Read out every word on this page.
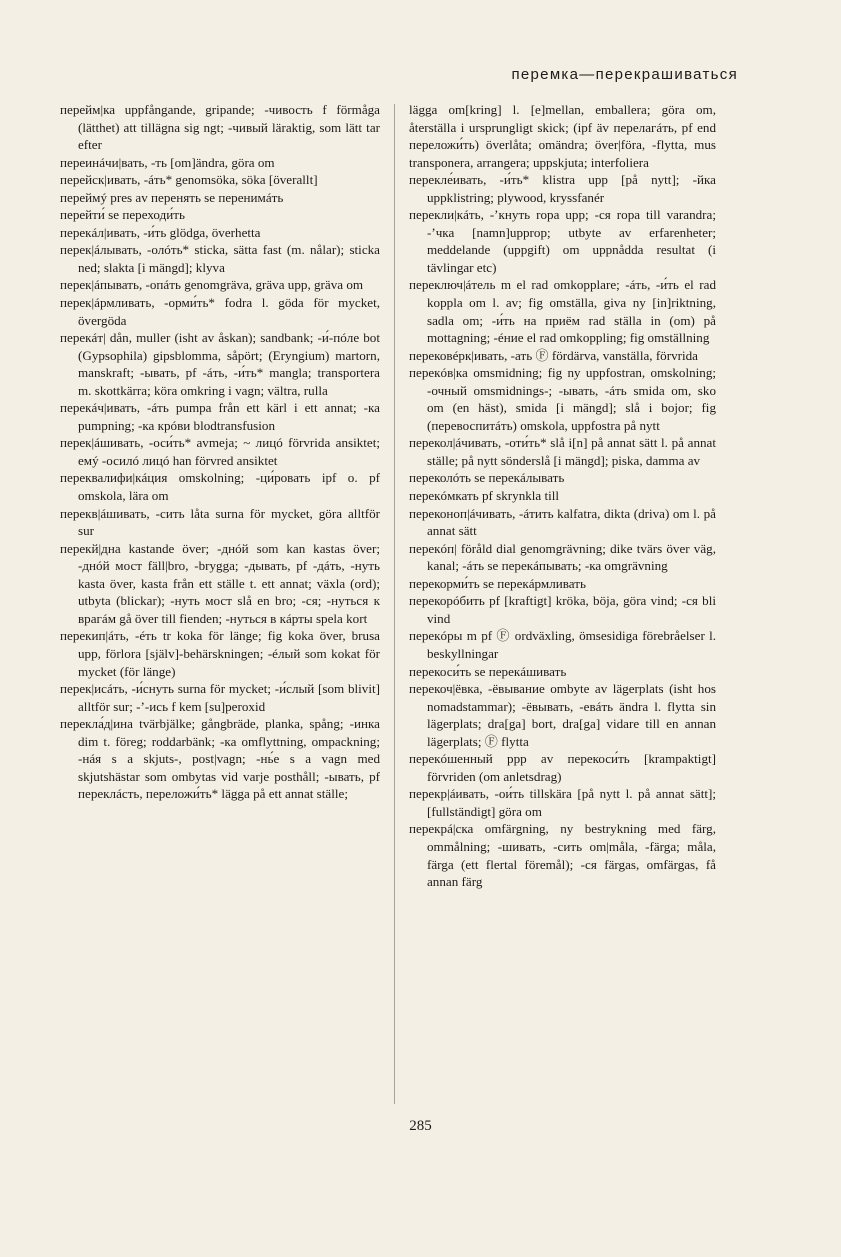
перемка—перекрашиваться

перейм|ка uppfångande, gripande; -чивость f förmåga (lätthet) att tillägna sig ngt; -чивый läraktig, som lätt tar efter

переинáчи|вать, -ть [om]ändra, göra om

перейск|ивать, -áть* genomsöka, söka [överallt]

переймý pres av перенять se перенимáть

перейти́ se переходи́ть

перекáл|ивать, -и́ть glödga, överhetta

перек|áлывать, -олóть* sticka, sätta fast (m. nålar); sticka ned; slakta [i mängd]; klyva

перек|áпывать, -опáть genomgräva, gräva upp, gräva om

перек|áрмливать, -орми́ть* fodra l. göda för mycket, övergöda

перекáт| dån, muller (isht av åskan); sandbank; -и́-пóле bot (Gypsophila) gipsblomma, såpört; (Eryngium) martorn, manskraft; -ывать, pf -áть, -и́ть* mangla; transportera m. skottkärra; köra omkring i vagn; vältra, rulla

перекáч|ивать, -áть pumpa från ett kärl i ett annat; -ка pumpning; -ка крóви blodtransfusion

перек|áшивать, -оси́ть* avmeja; ~ лицó förvrida ansiktet; емý -осилó лицó han förvred ansiktet

переквалифи|кáция omskolning; -ци́ровать ipf o. pf omskola, lära om

перекв|áшивать, -сить låta surna för mycket, göra alltför sur

перекй|дна kastande över; -днóй som kan kastas över; -днóй мост fäll|bro, -brygga; -дывать, pf -дáть, -нуть kasta över, kasta från ett ställe t. ett annat; växla (ord); utbyta (blickar); -нуть мост slå en bro; -ся; -нуться к врагáм gå över till fienden; -нуться в кáрты spela kort

перекип|áть, -éть tr koka för länge; fig koka över, brusa upp, förlora [själv]-behärskningen; -éлый som kokat för mycket (för länge)

перек|исáть, -и́снуть surna för mycket; -и́слый [som blivit] alltför sur; -ʼ-ись f kem [su]peroxid

перекла́д|ина tvärbjälke; gångbräde, planka, spång; -инка dim t. föreg; roddarbänk; -ка omflyttning, ompackning; -нáя s a skjuts-, post|vagn; -нь́е s a vagn med skjutshästar som ombytas vid varje posthåll; -ывать, pf переклáсть, переложи́ть* lägga på ett annat ställe;

lägga om[kring] l. [e]mellan, emballera; göra om, återställa i ursprungligt skick; (ipf äv перелагáть, pf end переложи́ть) överlåta; omändra; över|föra, -flytta, mus transponera, arrangera; uppskjuta; interfoliera

перекле́ивать, -и́ть* klistra upp [på nytt]; -йка uppklistring; plywood, kryssfanér

перекли|кáть, -ʼкнуть ropa upp; -ся ropa till varandra; -ʼчка [namn]upprop; utbyte av erfarenheter; meddelande (uppgift) om uppnådda resultat (i tävlingar etc)

переключ|áтель m el rad omkopplare; -áть, -и́ть el rad koppla om l. av; fig omställa, giva ny [in]riktning, sadla om; -и́ть на приём rad ställa in (om) på mottagning; -éние el rad omkoppling; fig omställning

перековéрк|ивать, -ать Ⓕ fördärva, vanställa, förvrida

перекóв|ка omsmidning; fig ny uppfostran, omskolning; -очный omsmidnings-; -ывать, -áть smida om, sko om (en häst), smida [i mängd]; slå i bojor; fig (перевоспитáть) omskola, uppfostra på nytt

перекол|áчивать, -оти́ть* slå i[n] på annat sätt l. på annat ställe; på nytt sönderslå [i mängd]; piska, damma av

переколóть se перекáлывать

перекóмкать pf skrynkla till

переконоп|áчивать, -áтить kalfatra, dikta (driva) om l. på annat sätt

перекóп| föråld dial genomgrävning; dike tvärs över väg, kanal; -áть se перекáпывать; -ка omgrävning

перекорми́ть se перекáрмливать

перекорóбить pf [kraftigt] kröka, böja, göra vind; -ся bli vind

перекóры m pf Ⓕ ordväxling, ömsesidiga förebråelser l. beskyllningar

перекоси́ть se перекáшивать

перекоч|ёвка, -ёвывание ombyte av lägerplats (isht hos nomadstammar); -ёвывать, -евáть ändra l. flytta sin lägerplats; dra[ga] bort, dra[ga] vidare till en annan lägerplats; Ⓕ flytta

перекóшенный ppp av перекоси́ть [krampaktigt] förvriden (om anletsdrag)

перекр|áивать, -ои́ть tillskära [på nytt l. på annat sätt]; [fullständigt] göra om

перекрá|ска omfärgning, ny bestrykning med färg, ommålning; -шивать, -сить om|måla, -färga; måla, färga (ett flertal föremål); -ся färgas, omfärgas, få annan färg

285
